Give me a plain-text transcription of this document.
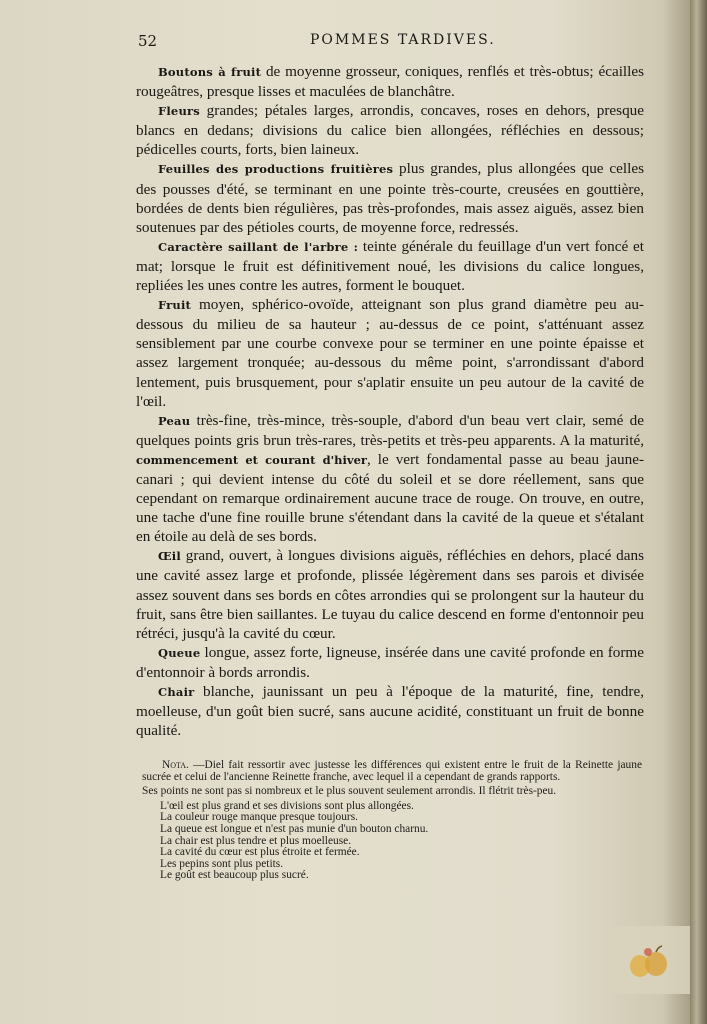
52	POMMES TARDIVES.

Boutons à fruit de moyenne grosseur, coniques, renflés et très-obtus; écailles rougeâtres, presque lisses et maculées de blanchâtre.

Fleurs grandes; pétales larges, arrondis, concaves, roses en dehors, presque blancs en dedans; divisions du calice bien allongées, réfléchies en dessous; pédicelles courts, forts, bien laineux.

Feuilles des productions fruitières plus grandes, plus allongées que celles des pousses d'été, se terminant en une pointe très-courte, creusées en gouttière, bordées de dents bien régulières, pas très-profondes, mais assez aiguës, assez bien soutenues par des pétioles courts, de moyenne force, redressés.

Caractère saillant de l'arbre : teinte générale du feuillage d'un vert foncé et mat; lorsque le fruit est définitivement noué, les divisions du calice longues, repliées les unes contre les autres, forment le bouquet.

Fruit moyen, sphérico-ovoïde, atteignant son plus grand diamètre peu au-dessous du milieu de sa hauteur ; au-dessus de ce point, s'atténuant assez sensiblement par une courbe convexe pour se terminer en une pointe épaisse et assez largement tronquée; au-dessous du même point, s'arrondissant d'abord lentement, puis brusquement, pour s'aplatir ensuite un peu autour de la cavité de l'œil.

Peau très-fine, très-mince, très-souple, d'abord d'un beau vert clair, semé de quelques points gris brun très-rares, très-petits et très-peu apparents. A la maturité, commencement et courant d'hiver, le vert fondamental passe au beau jaune-canari ; qui devient intense du côté du soleil et se dore réellement, sans que cependant on remarque ordinairement aucune trace de rouge. On trouve, en outre, une tache d'une fine rouille brune s'étendant dans la cavité de la queue et s'étalant en étoile au delà de ses bords.

Œil grand, ouvert, à longues divisions aiguës, réfléchies en dehors, placé dans une cavité assez large et profonde, plissée légèrement dans ses parois et divisée assez souvent dans ses bords en côtes arrondies qui se prolongent sur la hauteur du fruit, sans être bien saillantes. Le tuyau du calice descend en forme d'entonnoir peu rétréci, jusqu'à la cavité du cœur.

Queue longue, assez forte, ligneuse, insérée dans une cavité profonde en forme d'entonnoir à bords arrondis.

Chair blanche, jaunissant un peu à l'époque de la maturité, fine, tendre, moelleuse, d'un goût bien sucré, sans aucune acidité, constituant un fruit de bonne qualité.

Nota. —Diel fait ressortir avec justesse les différences qui existent entre le fruit de la Reinette jaune sucrée et celui de l'ancienne Reinette franche, avec lequel il a cependant de grands rapports.

Ses points ne sont pas si nombreux et le plus souvent seulement arrondis. Il flétrit très-peu.

L'œil est plus grand et ses divisions sont plus allongées.

La couleur rouge manque presque toujours.

La queue est longue et n'est pas munie d'un bouton charnu.

La chair est plus tendre et plus moelleuse.

La cavité du cœur est plus étroite et fermée.

Les pepins sont plus petits.

Le goût est beaucoup plus sucré.
